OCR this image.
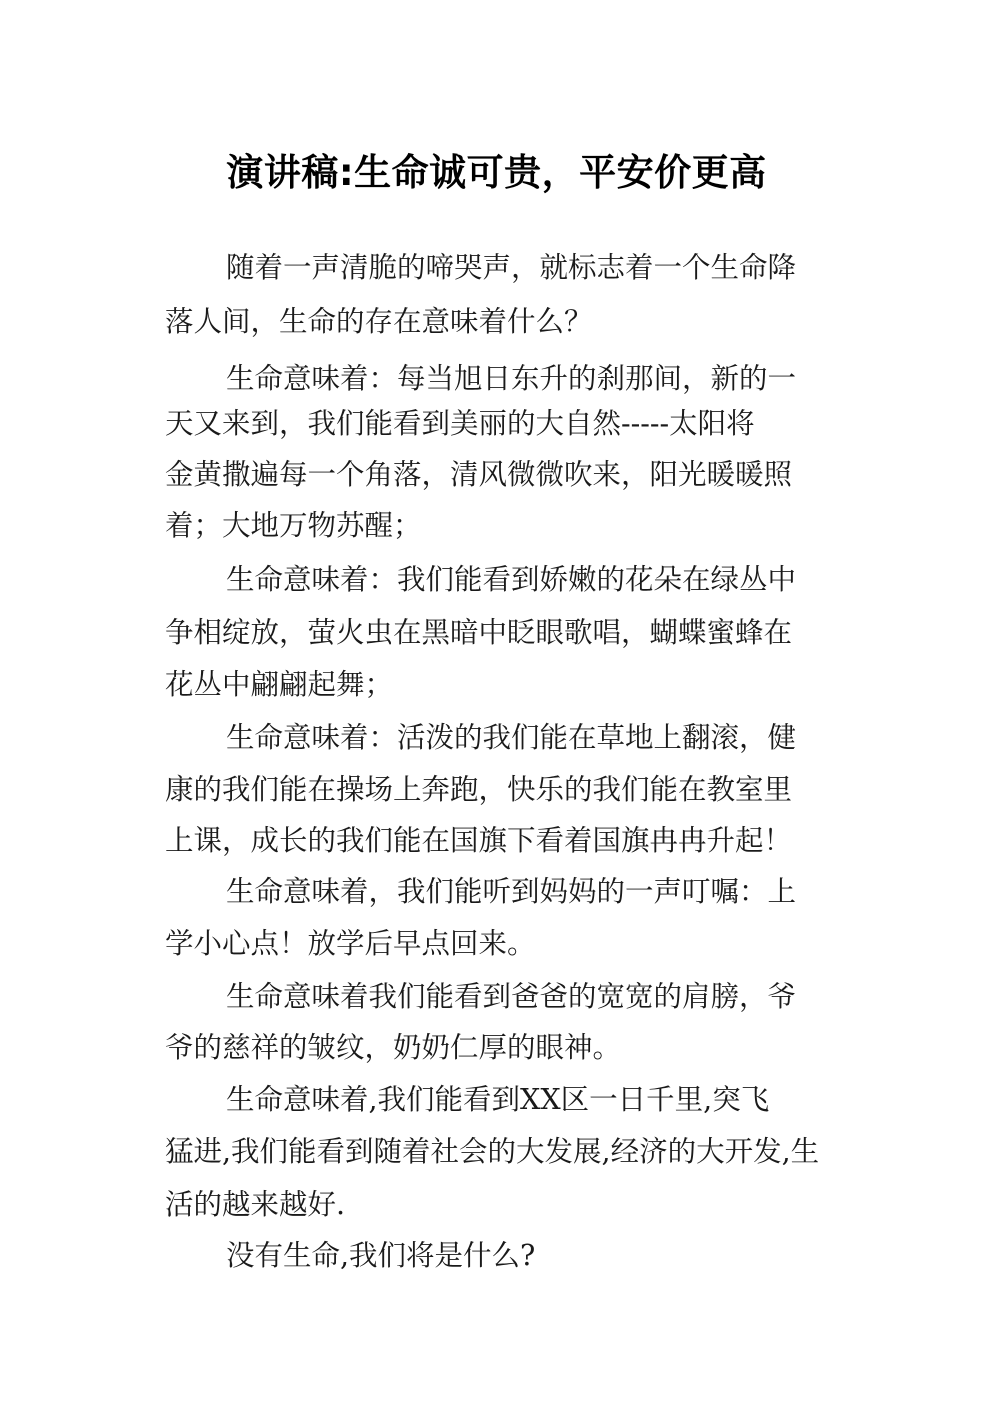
演讲稿:生命诚可贵，平安价更高
随着一声清脆的啼哭声，就标志着一个生命降
落人间，生命的存在意味着什么？
生命意味着：每当旭日东升的刹那间，新的一
天又来到，我们能看到美丽的大自然-----太阳将
金黄撒遍每一个角落，清风微微吹来，阳光暖暖照
着；大地万物苏醒；
生命意味着：我们能看到娇嫩的花朵在绿丛中
争相绽放，萤火虫在黑暗中眨眼歌唱，蝴蝶蜜蜂在
花丛中翩翩起舞；
生命意味着：活泼的我们能在草地上翻滚，健
康的我们能在操场上奔跑，快乐的我们能在教室里
上课，成长的我们能在国旗下看着国旗冉冉升起！
生命意味着，我们能听到妈妈的一声叮嘱：上
学小心点！放学后早点回来。
生命意味着我们能看到爸爸的宽宽的肩膀，爷
爷的慈祥的皱纹，奶奶仁厚的眼神。
生命意味着,我们能看到XX区一日千里,突飞
猛进,我们能看到随着社会的大发展,经济的大开发,生
活的越来越好.
没有生命,我们将是什么?
